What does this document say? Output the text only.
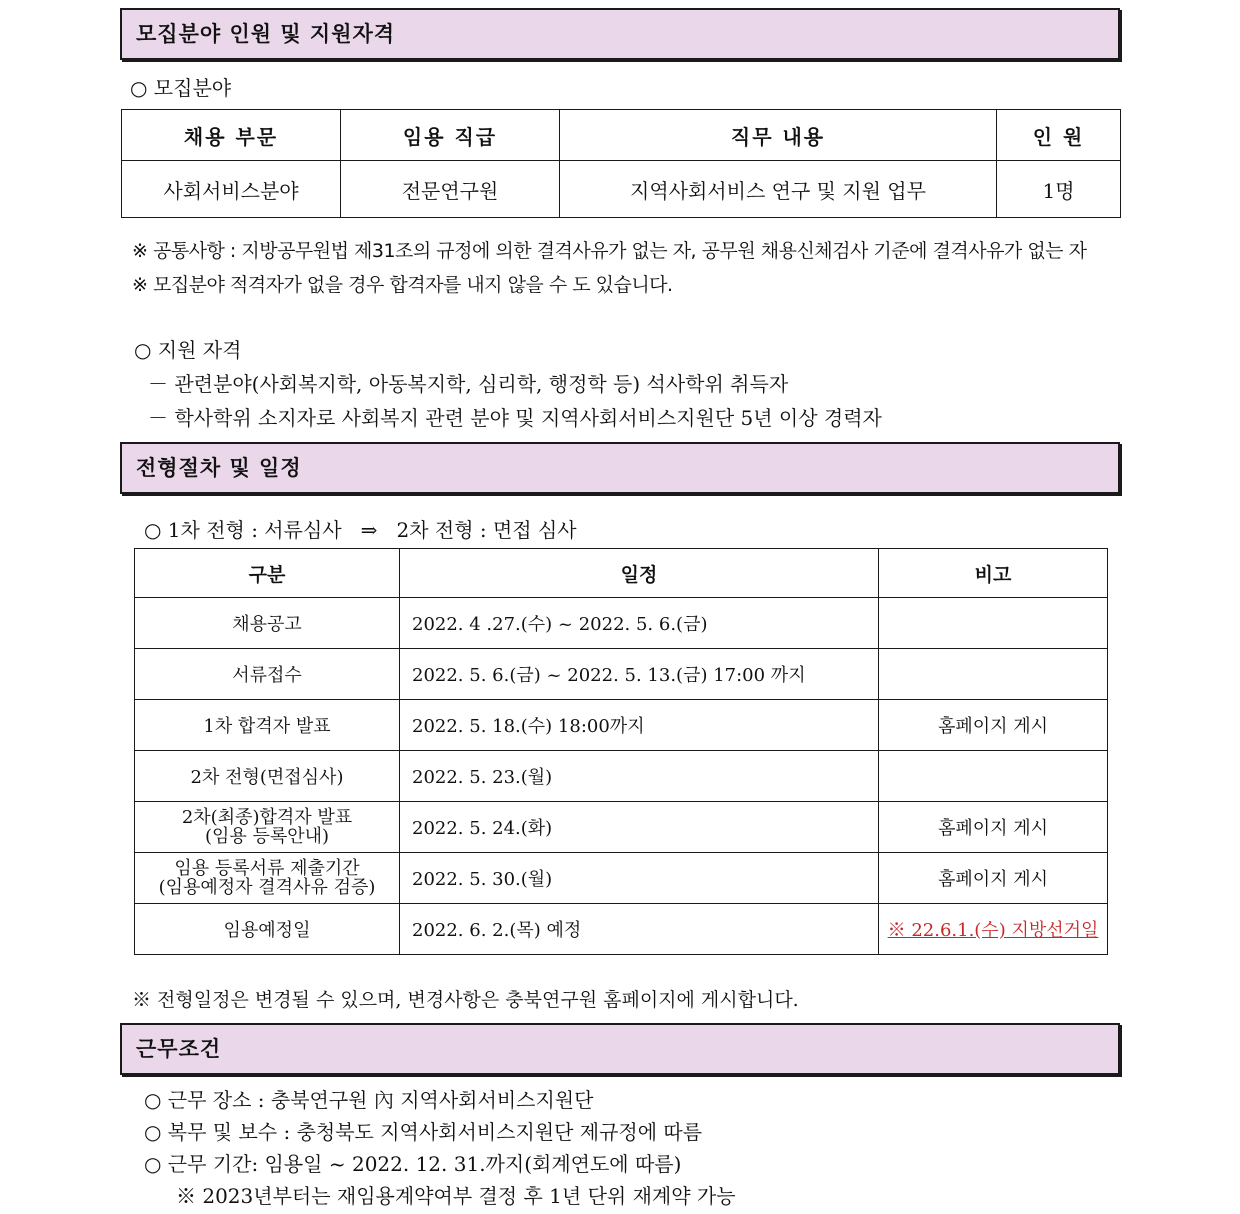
모집분야 인원 및 지원자격
○ 모집분야
채용 부문	임용 직급	직무 내용	인 원
사회서비스분야	전문연구원	지역사회서비스 연구 및 지원 업무	1명
※ 공통사항 : 지방공무원법 제31조의 규정에 의한 결격사유가 없는 자, 공무원 채용신체검사 기준에 결격사유가 없는 자
※ 모집분야 적격자가 없을 경우 합격자를 내지 않을 수 도 있습니다.
○ 지원 자격
－ 관련분야(사회복지학, 아동복지학, 심리학, 행정학 등) 석사학위 취득자
－ 학사학위 소지자로 사회복지 관련 분야 및 지역사회서비스지원단 5년 이상 경력자
전형절차 및 일정
○ 1차 전형 : 서류심사   ⇒   2차 전형 : 면접 심사
구분	일정	비고
채용공고	2022. 4 .27.(수) ~ 2022. 5. 6.(금)	
서류접수	2022. 5. 6.(금) ~ 2022. 5. 13.(금) 17:00 까지	
1차 합격자 발표	2022. 5. 18.(수) 18:00까지	홈페이지 게시
2차 전형(면접심사)	2022. 5. 23.(월)	

2차(최종)합격자 발표
(임용 등록안내)	2022. 5. 24.(화)	홈페이지 게시

임용 등록서류 제출기간
(임용예정자 결격사유 검증)	2022. 5. 30.(월)	홈페이지 게시
임용예정일	2022. 6. 2.(목) 예정	※ 22.6.1.(수) 지방선거일
※ 전형일정은 변경될 수 있으며, 변경사항은 충북연구원 홈페이지에 게시합니다.
근무조건
○ 근무 장소 : 충북연구원 內 지역사회서비스지원단
○ 복무 및 보수 : 충청북도 지역사회서비스지원단 제규정에 따름
○ 근무 기간: 임용일 ~ 2022. 12. 31.까지(회계연도에 따름)
※ 2023년부터는 재임용계약여부 결정 후 1년 단위 재계약 가능
